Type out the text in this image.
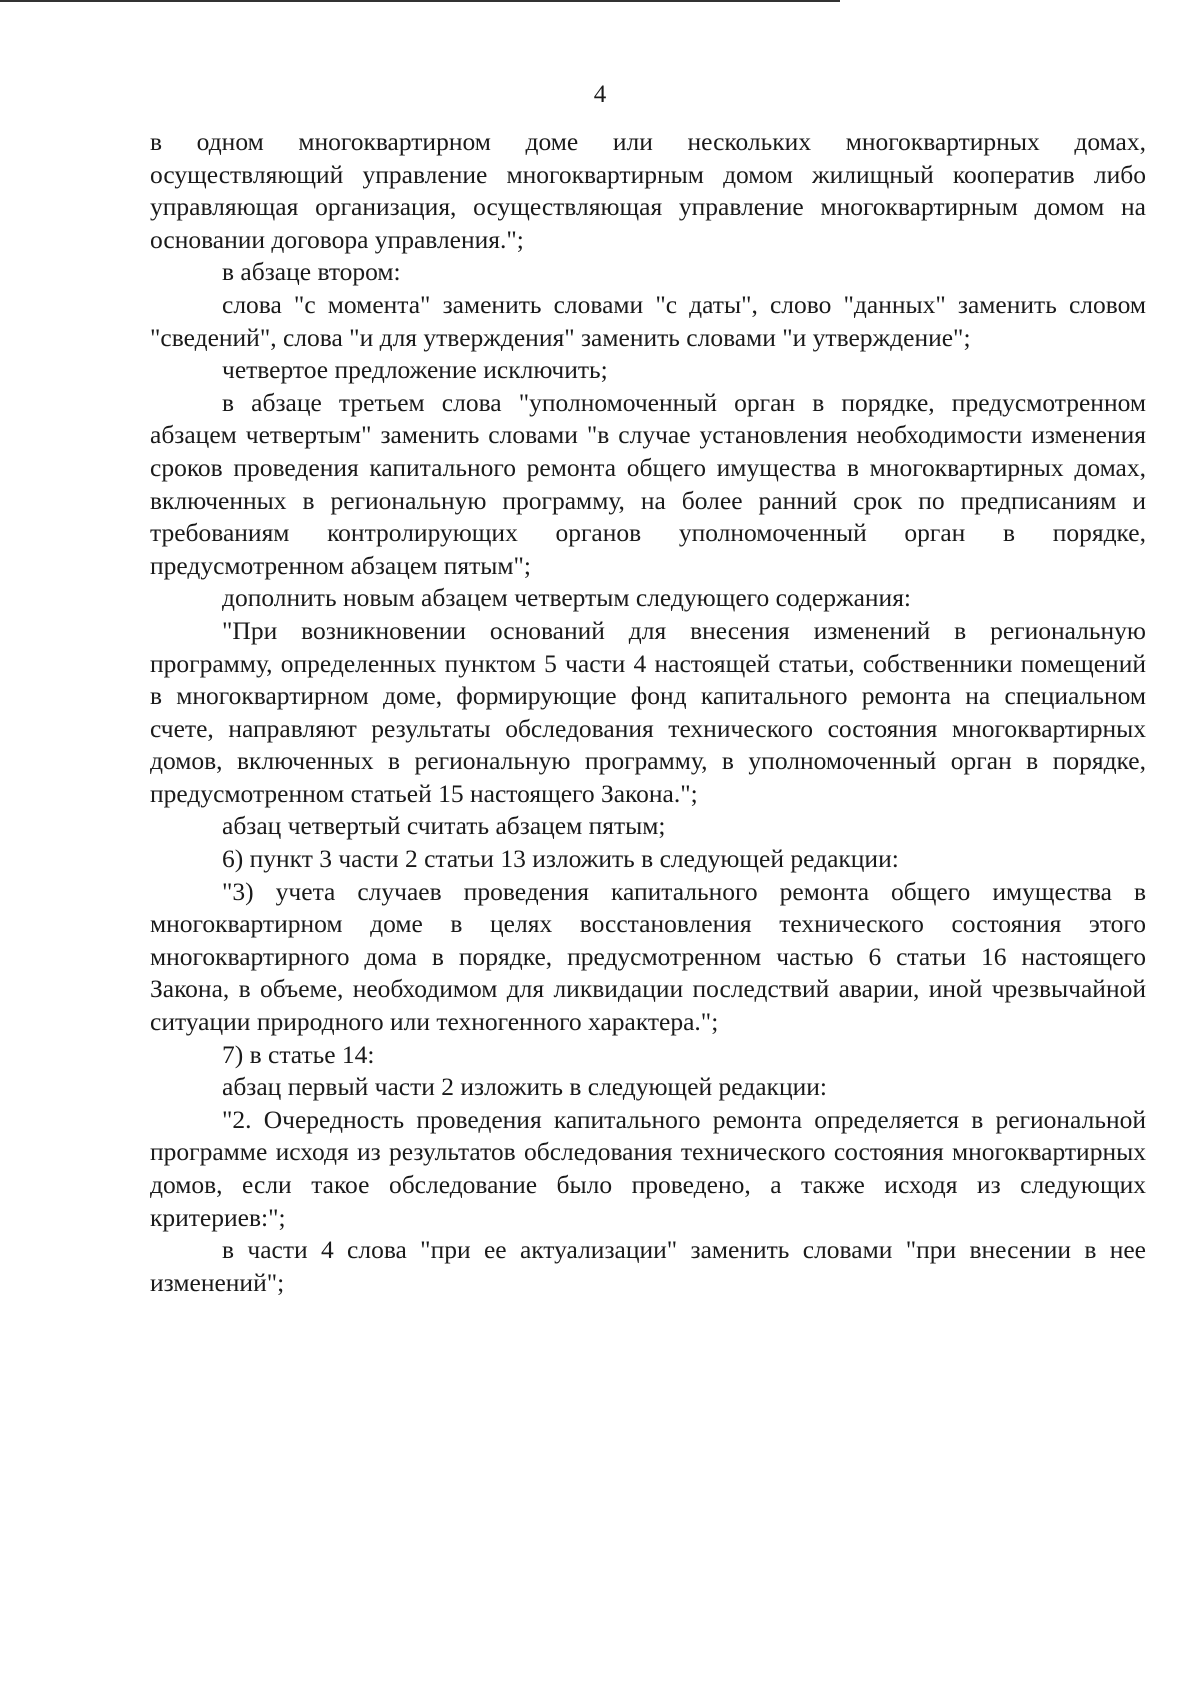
4

в одном многоквартирном доме или нескольких многоквартирных домах, осуществляющий управление многоквартирным домом жилищный кооператив либо управляющая организация, осуществляющая управление многоквартирным домом на основании договора управления.";

в абзаце втором:

слова "с момента" заменить словами "с даты", слово "данных" заменить словом "сведений", слова "и для утверждения" заменить словами "и утверждение";

четвертое предложение исключить;

в абзаце третьем слова "уполномоченный орган в порядке, предусмотренном абзацем четвертым" заменить словами "в случае установления необходимости изменения сроков проведения капитального ремонта общего имущества в многоквартирных домах, включенных в региональную программу, на более ранний срок по предписаниям и требованиям контролирующих органов уполномоченный орган в порядке, предусмотренном абзацем пятым";

дополнить новым абзацем четвертым следующего содержания:

"При возникновении оснований для внесения изменений в региональную программу, определенных пунктом 5 части 4 настоящей статьи, собственники помещений в многоквартирном доме, формирующие фонд капитального ремонта на специальном счете, направляют результаты обследования технического состояния многоквартирных домов, включенных в региональную программу, в уполномоченный орган в порядке, предусмотренном статьей 15 настоящего Закона.";

абзац четвертый считать абзацем пятым;

6) пункт 3 части 2 статьи 13 изложить в следующей редакции:

"3) учета случаев проведения капитального ремонта общего имущества в многоквартирном доме в целях восстановления технического состояния этого многоквартирного дома в порядке, предусмотренном частью 6 статьи 16 настоящего Закона, в объеме, необходимом для ликвидации последствий аварии, иной чрезвычайной ситуации природного или техногенного характера.";

7) в статье 14:

абзац первый части 2 изложить в следующей редакции:

"2. Очередность проведения капитального ремонта определяется в региональной программе исходя из результатов обследования технического состояния многоквартирных домов, если такое обследование было проведено, а также исходя из следующих критериев:";

в части 4 слова "при ее актуализации" заменить словами "при внесении в нее изменений";
